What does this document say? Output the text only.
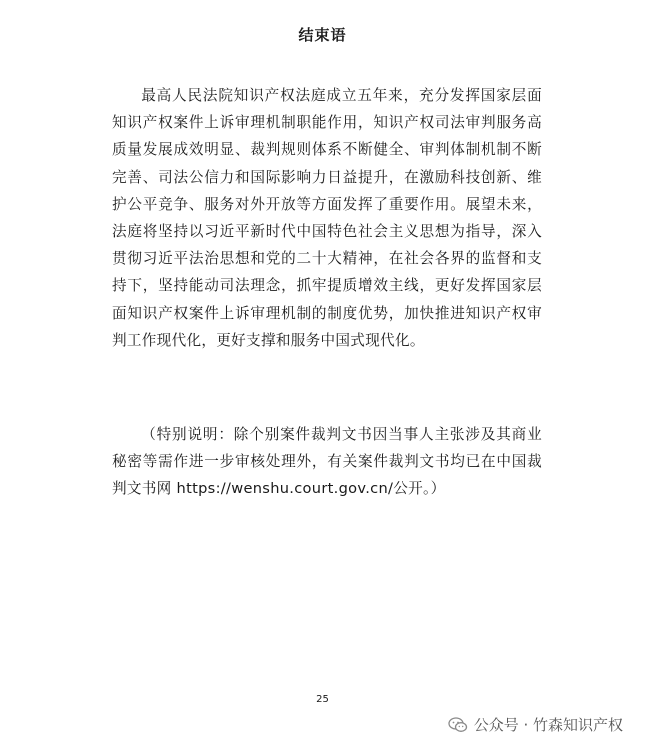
结束语

最高人民法院知识产权法庭成立五年来，充分发挥国家层面知识产权案件上诉审理机制职能作用，知识产权司法审判服务高质量发展成效明显、裁判规则体系不断健全、审判体制机制不断完善、司法公信力和国际影响力日益提升，在激励科技创新、维护公平竞争、服务对外开放等方面发挥了重要作用。展望未来，法庭将坚持以习近平新时代中国特色社会主义思想为指导，深入贯彻习近平法治思想和党的二十大精神，在社会各界的监督和支持下，坚持能动司法理念，抓牢提质增效主线，更好发挥国家层面知识产权案件上诉审理机制的制度优势，加快推进知识产权审判工作现代化，更好支撑和服务中国式现代化。

（特别说明：除个别案件裁判文书因当事人主张涉及其商业秘密等需作进一步审核处理外，有关案件裁判文书均已在中国裁判文书网 https://wenshu.court.gov.cn/公开。）

25
公众号 · 竹森知识产权
